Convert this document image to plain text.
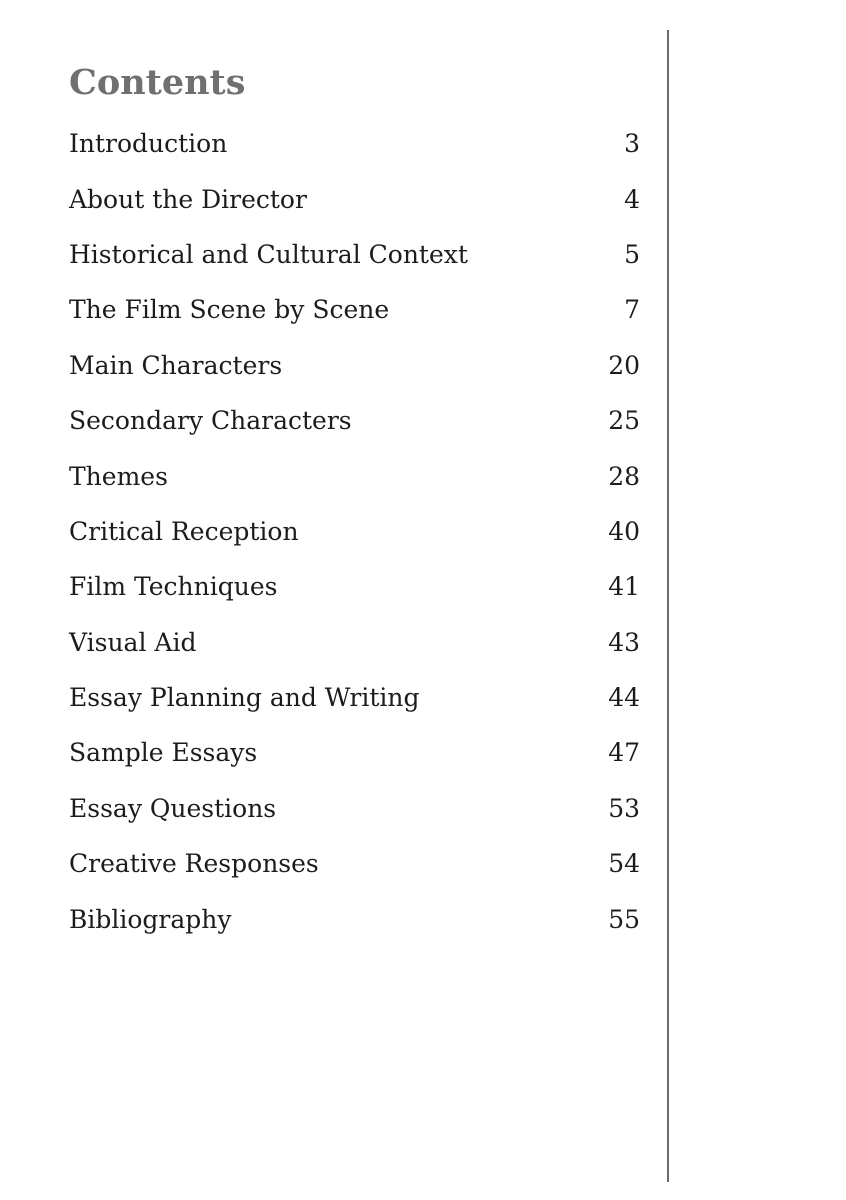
Contents
Introduction	3
About the Director	4
Historical and Cultural Context	5
The Film Scene by Scene	7
Main Characters	20
Secondary Characters	25
Themes	28
Critical Reception	40
Film Techniques	41
Visual Aid	43
Essay Planning and Writing	44
Sample Essays	47
Essay Questions	53
Creative Responses	54
Bibliography	55
